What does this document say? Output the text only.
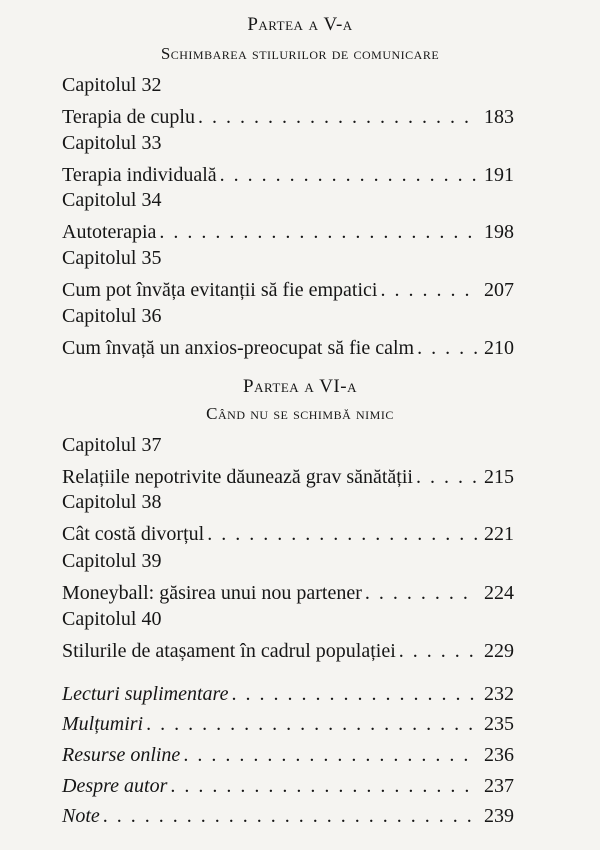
Partea a V-a
Schimbarea stilurilor de comunicare
Capitolul 32
Terapia de cuplu . . .	183
Capitolul 33
Terapia individuală . . .	191
Capitolul 34
Autoterapia . . .	198
Capitolul 35
Cum pot învăța evitanții să fie empatici . . .	207
Capitolul 36
Cum învață un anxios-preocupat să fie calm . . .	210
Partea a VI-a
Când nu se schimbă nimic
Capitolul 37
Relațiile nepotrivite dăunează grav sănătății . . .	215
Capitolul 38
Cât costă divorțul . . .	221
Capitolul 39
Moneyball: găsirea unui nou partener . . .	224
Capitolul 40
Stilurile de atașament în cadrul populației . . .	229
Lecturi suplimentare . . .	232
Mulțumiri . . .	235
Resurse online . . .	236
Despre autor . . .	237
Note . . .	239
